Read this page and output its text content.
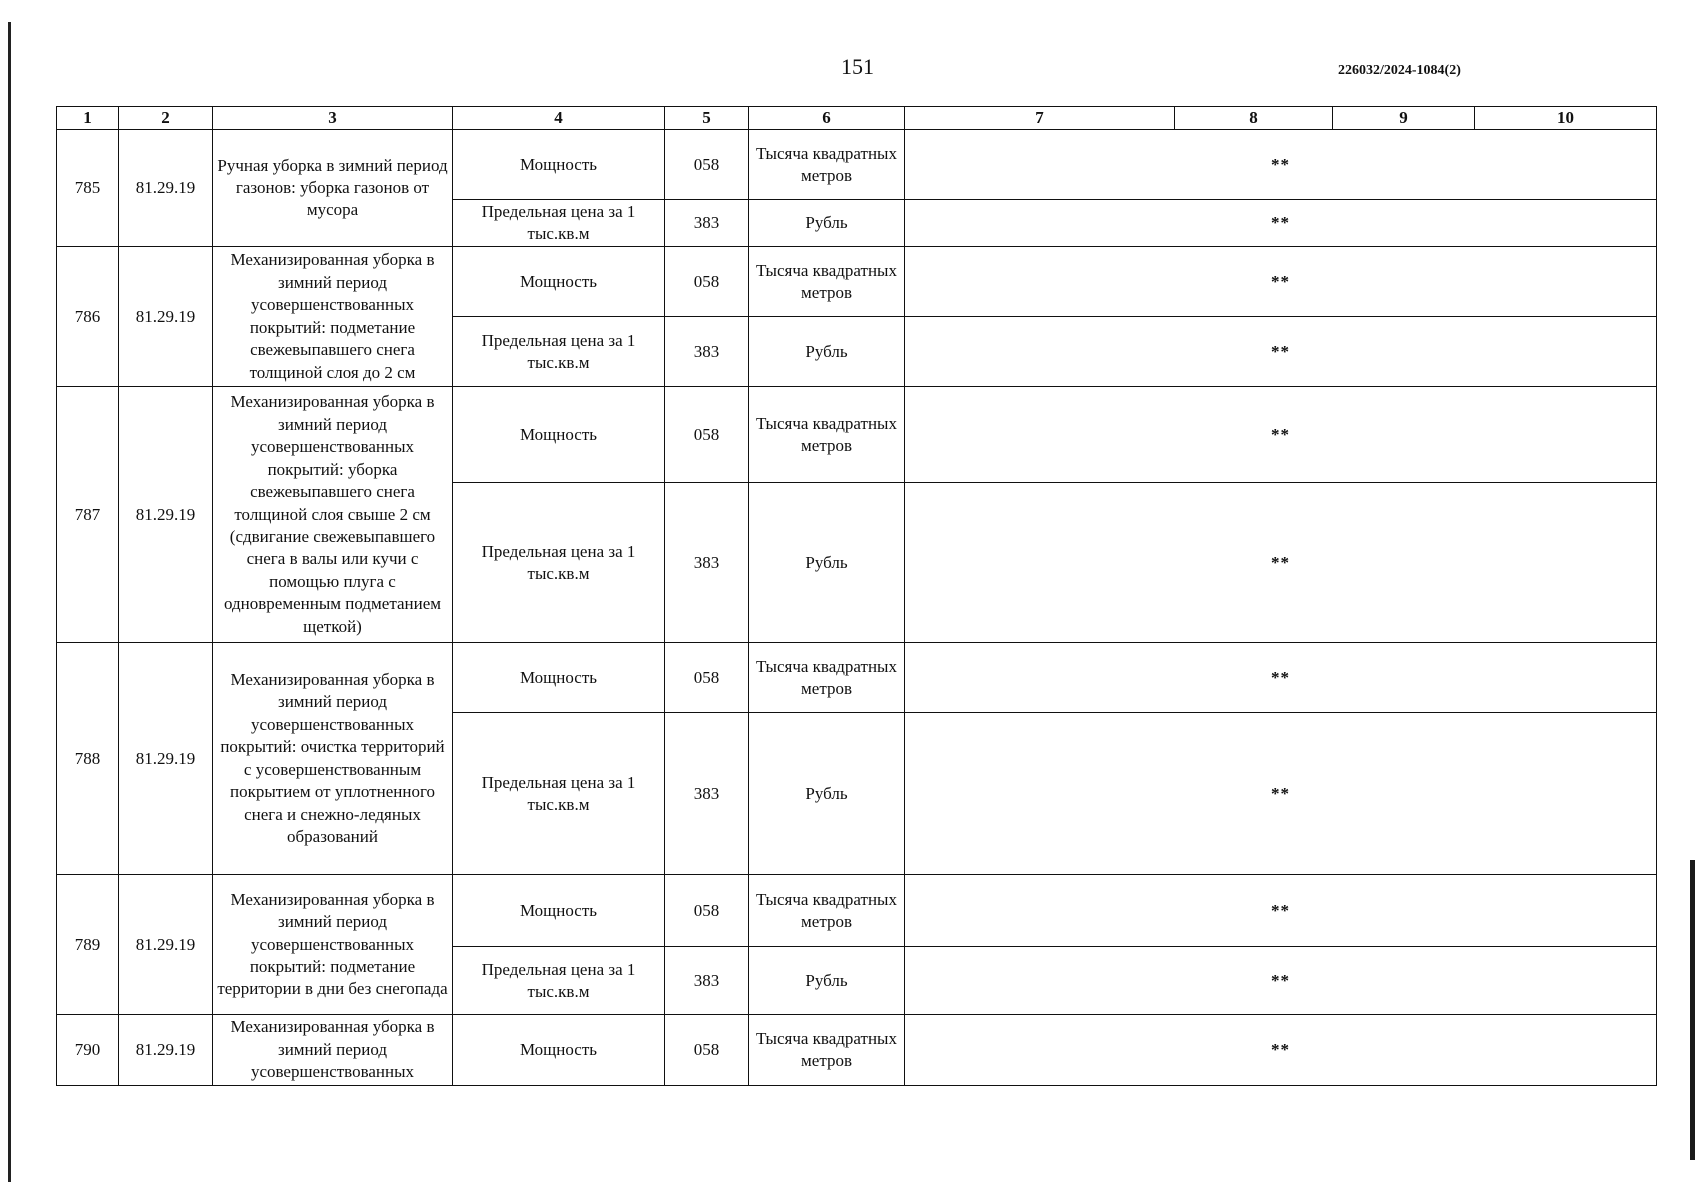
151	226032/2024-1084(2)
1	2	3	4	5	6	7	8	9	10
785	81.29.19	Ручная уборка в зимний период газонов: уборка газонов от мусора	Мощность	058	Тысяча квадратных метров	**			
			Предельная цена за 1 тыс.кв.м	383	Рубль	**			
786	81.29.19	Механизированная уборка в зимний период усовершенствованных покрытий: подметание свежевыпавшего снега толщиной слоя до 2 см	Мощность	058	Тысяча квадратных метров	**			
			Предельная цена за 1 тыс.кв.м	383	Рубль	**			
787	81.29.19	Механизированная уборка в зимний период усовершенствованных покрытий: уборка свежевыпавшего снега толщиной слоя свыше 2 см (сдвигание свежевыпавшего снега в валы или кучи с помощью плуга с одновременным подметанием щеткой)	Мощность	058	Тысяча квадратных метров	**			
			Предельная цена за 1 тыс.кв.м	383	Рубль	**			
788	81.29.19	Механизированная уборка в зимний период усовершенствованных покрытий: очистка территорий с усовершенствованным покрытием от уплотненного снега и снежно-ледяных образований	Мощность	058	Тысяча квадратных метров	**			
			Предельная цена за 1 тыс.кв.м	383	Рубль	**			
789	81.29.19	Механизированная уборка в зимний период усовершенствованных покрытий: подметание территории в дни без снегопада	Мощность	058	Тысяча квадратных метров	**			
			Предельная цена за 1 тыс.кв.м	383	Рубль	**			
790	81.29.19	Механизированная уборка в зимний период усовершенствованных	Мощность	058	Тысяча квадратных метров	**			
